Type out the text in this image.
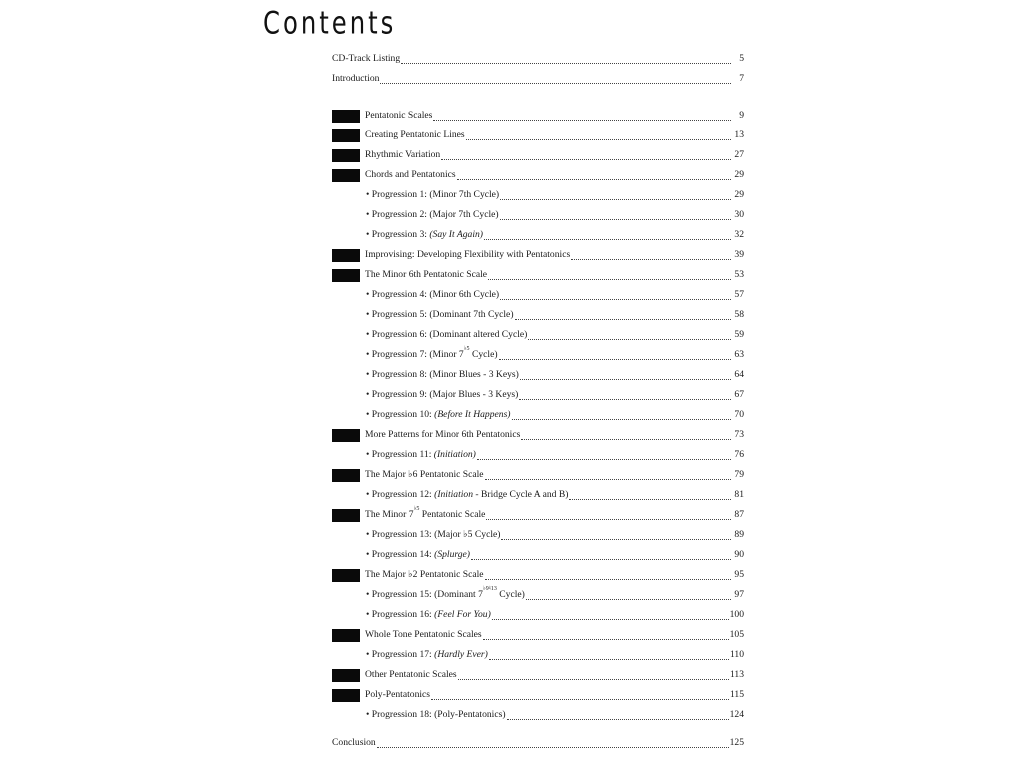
Contents
CD-Track Listing	5
Introduction	7
Pentatonic Scales	9
Creating Pentatonic Lines	13
Rhythmic Variation	27
Chords and Pentatonics	29
• Progression 1: (Minor 7th Cycle)	29
• Progression 2: (Major 7th Cycle)	30
• Progression 3: (Say It Again)	32
Improvising: Developing Flexibility with Pentatonics	39
The Minor 6th Pentatonic Scale	53
• Progression 4: (Minor 6th Cycle)	57
• Progression 5: (Dominant 7th Cycle)	58
• Progression 6: (Dominant altered Cycle)	59
• Progression 7: (Minor $7^{♭5}$ Cycle)	63
• Progression 8: (Minor Blues - 3 Keys)	64
• Progression 9: (Major Blues - 3 Keys)	67
• Progression 10: (Before It Happens)	70
More Patterns for Minor 6th Pentatonics	73
• Progression 11: (Initiation)	76
The Major ♭6 Pentatonic Scale	79
• Progression 12: (Initiation - Bridge Cycle A and B)	81
The Minor $7^{♭5}$ Pentatonic Scale	87
• Progression 13: (Major ♭5 Cycle)	89
• Progression 14: (Splurge)	90
The Major ♭2 Pentatonic Scale	95
• Progression 15: (Dominant $7^{♭9♮13}$ Cycle)	97
• Progression 16: (Feel For You)	100
Whole Tone Pentatonic Scales	105
• Progression 17: (Hardly Ever)	110
Other Pentatonic Scales	113
Poly-Pentatonics	115
• Progression 18: (Poly-Pentatonics)	124
Conclusion	125
